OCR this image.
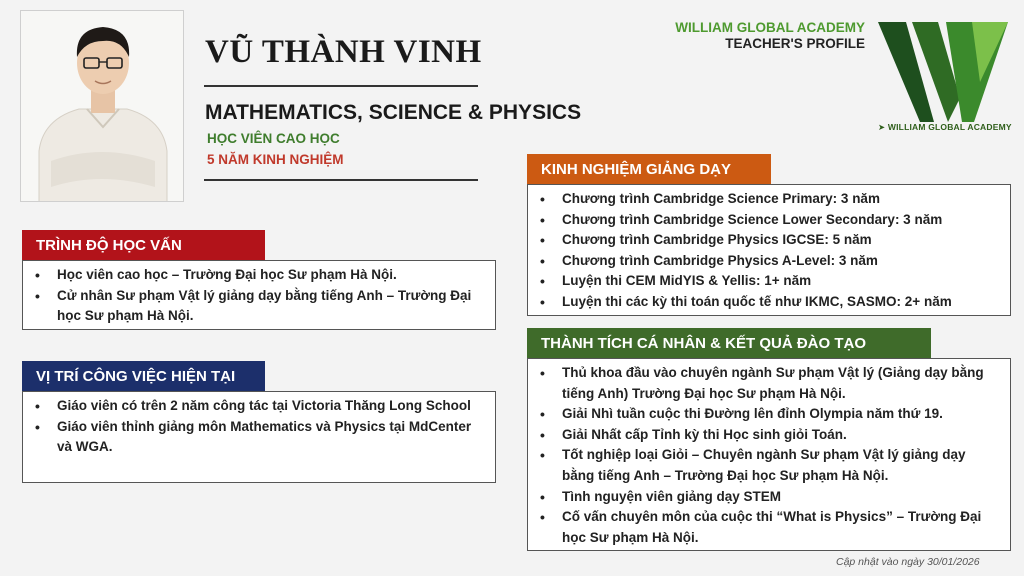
VŨ THÀNH VINH
MATHEMATICS, SCIENCE & PHYSICS
HỌC VIÊN CAO HỌC
5 NĂM KINH NGHIỆM
WILLIAM GLOBAL ACADEMY
TEACHER'S PROFILE
➤ WILLIAM GLOBAL ACADEMY
TRÌNH ĐỘ HỌC VẤN
• Học viên cao học – Trường Đại học Sư phạm Hà Nội.
• Cử nhân Sư phạm Vật lý giảng dạy bằng tiếng Anh – Trường Đại học Sư phạm Hà Nội.
VỊ TRÍ CÔNG VIỆC HIỆN TẠI
• Giáo viên có trên 2 năm công tác tại Victoria Thăng Long School
• Giáo viên thỉnh giảng môn Mathematics và Physics tại MdCenter và WGA.
KINH NGHIỆM GIẢNG DẠY
• Chương trình Cambridge Science Primary: 3 năm
• Chương trình Cambridge Science Lower Secondary: 3 năm
• Chương trình Cambridge Physics IGCSE: 5 năm
• Chương trình Cambridge Physics A-Level: 3 năm
• Luyện thi CEM MidYIS & Yellis: 1+ năm
• Luyện thi các kỳ thi toán quốc tế như IKMC, SASMO: 2+ năm
THÀNH TÍCH CÁ NHÂN & KẾT QUẢ ĐÀO TẠO
• Thủ khoa đầu vào chuyên ngành Sư phạm Vật lý (Giảng dạy bằng tiếng Anh) Trường Đại học Sư phạm Hà Nội.
• Giải Nhì tuần cuộc thi Đường lên đỉnh Olympia năm thứ 19.
• Giải Nhất cấp Tỉnh kỳ thi Học sinh giỏi Toán.
• Tốt nghiệp loại Giỏi – Chuyên ngành Sư phạm Vật lý giảng dạy bằng tiếng Anh – Trường Đại học Sư phạm Hà Nội.
• Tình nguyện viên giảng dạy STEM
• Cố vấn chuyên môn của cuộc thi “What is Physics” – Trường Đại học Sư phạm Hà Nội.
Cập nhật vào ngày 30/01/2026
